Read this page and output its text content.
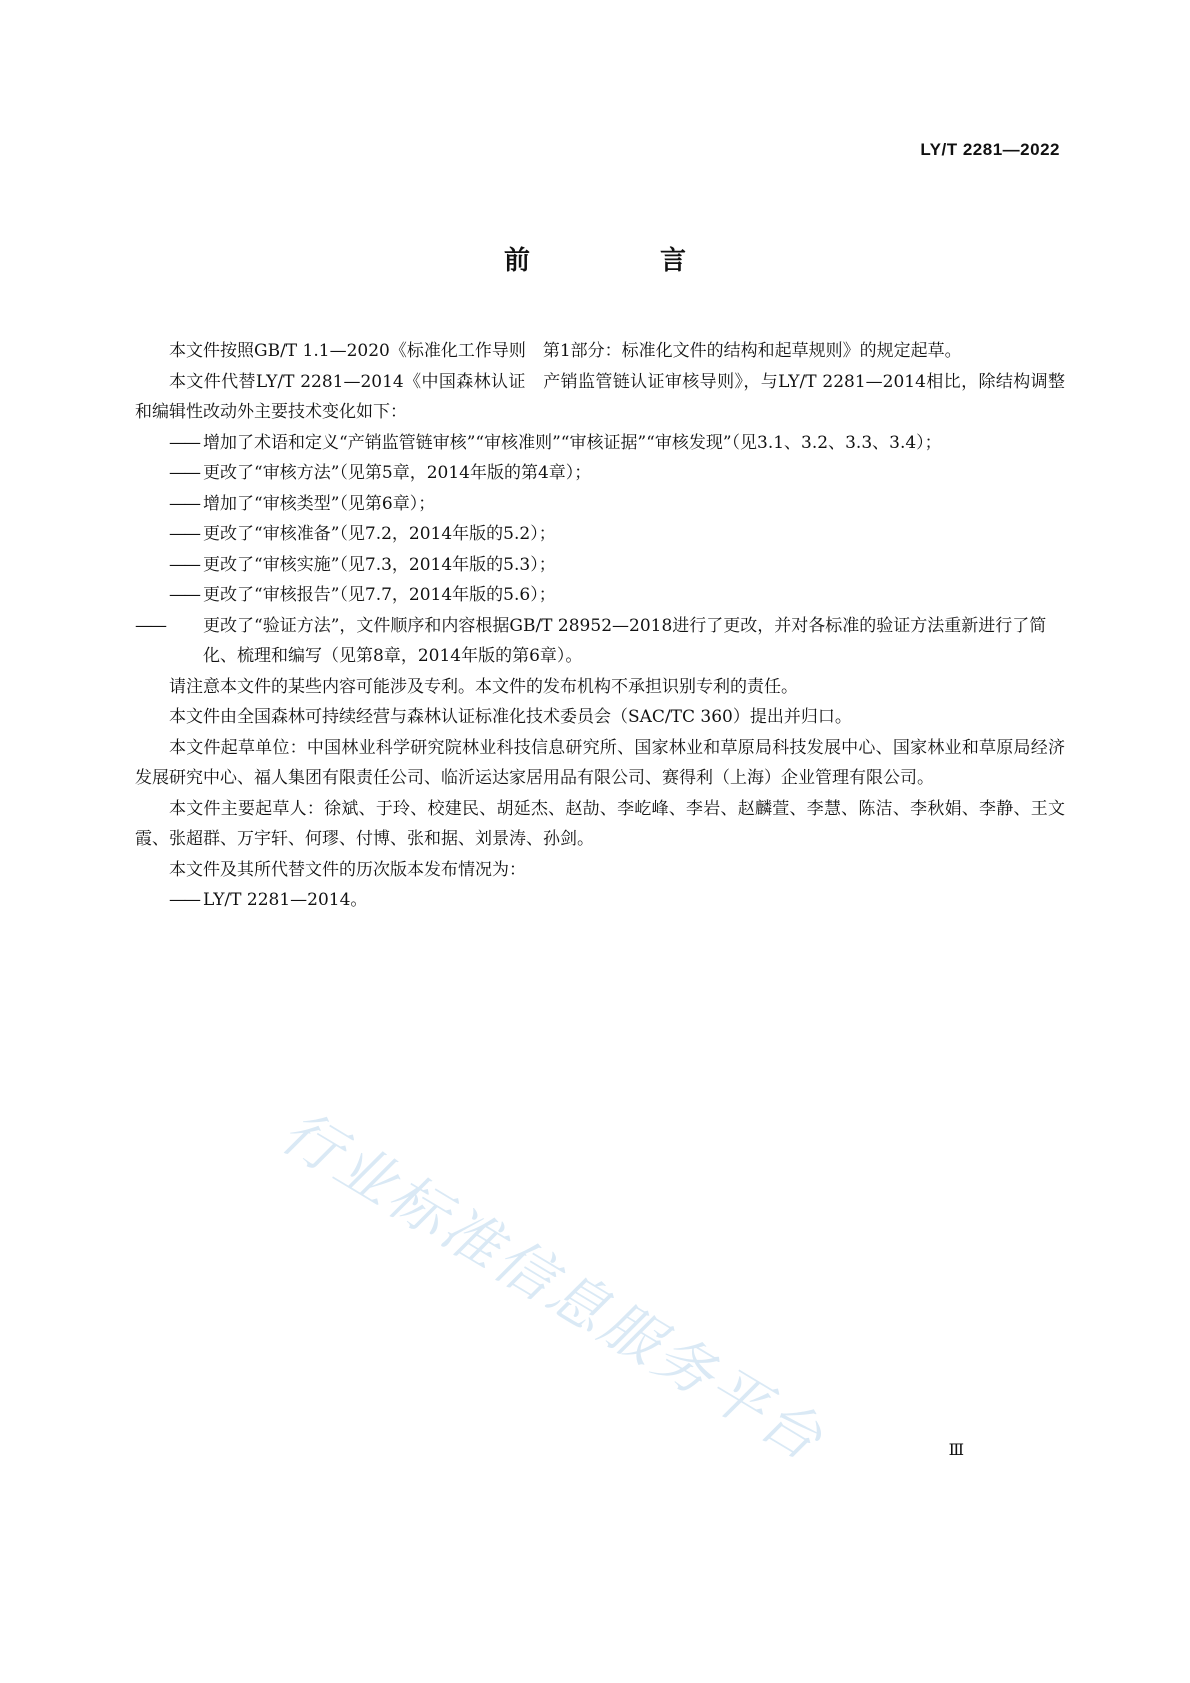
LY/T 2281—2022
前　言

本文件按照GB/T 1.1—2020《标准化工作导则　第1部分：标准化文件的结构和起草规则》的规定起草。

本文件代替LY/T 2281—2014《中国森林认证　产销监管链认证审核导则》，与LY/T 2281—2014相比，除结构调整和编辑性改动外主要技术变化如下：

—— 增加了术语和定义“产销监管链审核”“审核准则”“审核证据”“审核发现”（见3.1、3.2、3.3、3.4）；

—— 更改了“审核方法”（见第5章，2014年版的第4章）；

—— 增加了“审核类型”（见第6章）；

—— 更改了“审核准备”（见7.2，2014年版的5.2）；

—— 更改了“审核实施”（见7.3，2014年版的5.3）；

—— 更改了“审核报告”（见7.7，2014年版的5.6）；

—— 更改了“验证方法”，文件顺序和内容根据GB/T 28952—2018进行了更改，并对各标准的验证方法重新进行了简化、梳理和编写（见第8章，2014年版的第6章）。

请注意本文件的某些内容可能涉及专利。本文件的发布机构不承担识别专利的责任。

本文件由全国森林可持续经营与森林认证标准化技术委员会（SAC/TC 360）提出并归口。

本文件起草单位：中国林业科学研究院林业科技信息研究所、国家林业和草原局科技发展中心、国家林业和草原局经济发展研究中心、福人集团有限责任公司、临沂运达家居用品有限公司、赛得利（上海）企业管理有限公司。

本文件主要起草人：徐斌、于玲、校建民、胡延杰、赵劼、李屹峰、李岩、赵麟萱、李慧、陈洁、李秋娟、李静、王文霞、张超群、万宇轩、何璆、付博、张和据、刘景涛、孙剑。

本文件及其所代替文件的历次版本发布情况为：

—— LY/T 2281—2014。

行业标准信息服务平台	Ⅲ
